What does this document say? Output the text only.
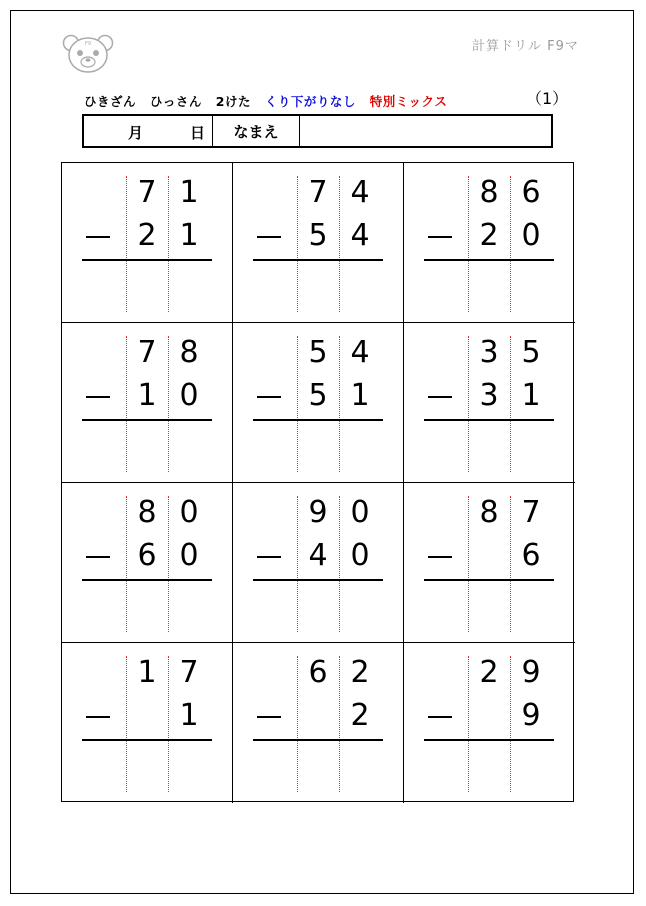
F9	計算ドリル F9マ
ひきざん ひっさん 2けた くり下がりなし 特別ミックス	（1）
月	日	なまえ
7 1
2 1
7 4
5 4
8 6
2 0
7 8
1 0
5 4
5 1
3 5
3 1
8 0
6 0
9 0
4 0
8 7
6
1 7
1
6 2
2
2 9
9
